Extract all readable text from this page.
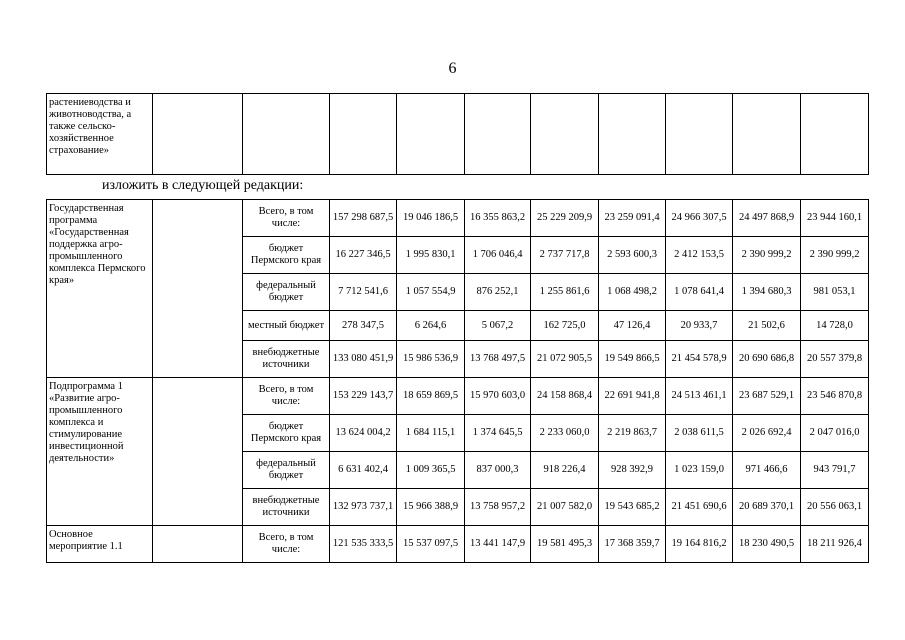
6
растениеводства и животноводства, а также сельско- хозяйственное страхование»										
изложить в следующей редакции:
Государственная программа «Государственная поддержка агро- промышленного комплекса Пермского края»		Всего, в том числе:	157 298 687,5	19 046 186,5	16 355 863,2	25 229 209,9	23 259 091,4	24 966 307,5	24 497 868,9	23 944 160,1
		бюджет Пермского края	16 227 346,5	1 995 830,1	1 706 046,4	2 737 717,8	2 593 600,3	2 412 153,5	2 390 999,2	2 390 999,2
		федеральный бюджет	7 712 541,6	1 057 554,9	876 252,1	1 255 861,6	1 068 498,2	1 078 641,4	1 394 680,3	981 053,1
		местный бюджет	278 347,5	6 264,6	5 067,2	162 725,0	47 126,4	20 933,7	21 502,6	14 728,0
		внебюджетные источники	133 080 451,9	15 986 536,9	13 768 497,5	21 072 905,5	19 549 866,5	21 454 578,9	20 690 686,8	20 557 379,8
Подпрограмма 1 «Развитие агро- промышленного комплекса и стимулирование инвестиционной деятельности»		Всего, в том числе:	153 229 143,7	18 659 869,5	15 970 603,0	24 158 868,4	22 691 941,8	24 513 461,1	23 687 529,1	23 546 870,8
		бюджет Пермского края	13 624 004,2	1 684 115,1	1 374 645,5	2 233 060,0	2 219 863,7	2 038 611,5	2 026 692,4	2 047 016,0
		федеральный бюджет	6 631 402,4	1 009 365,5	837 000,3	918 226,4	928 392,9	1 023 159,0	971 466,6	943 791,7
		внебюджетные источники	132 973 737,1	15 966 388,9	13 758 957,2	21 007 582,0	19 543 685,2	21 451 690,6	20 689 370,1	20 556 063,1
Основное мероприятие 1.1		Всего, в том числе:	121 535 333,5	15 537 097,5	13 441 147,9	19 581 495,3	17 368 359,7	19 164 816,2	18 230 490,5	18 211 926,4
